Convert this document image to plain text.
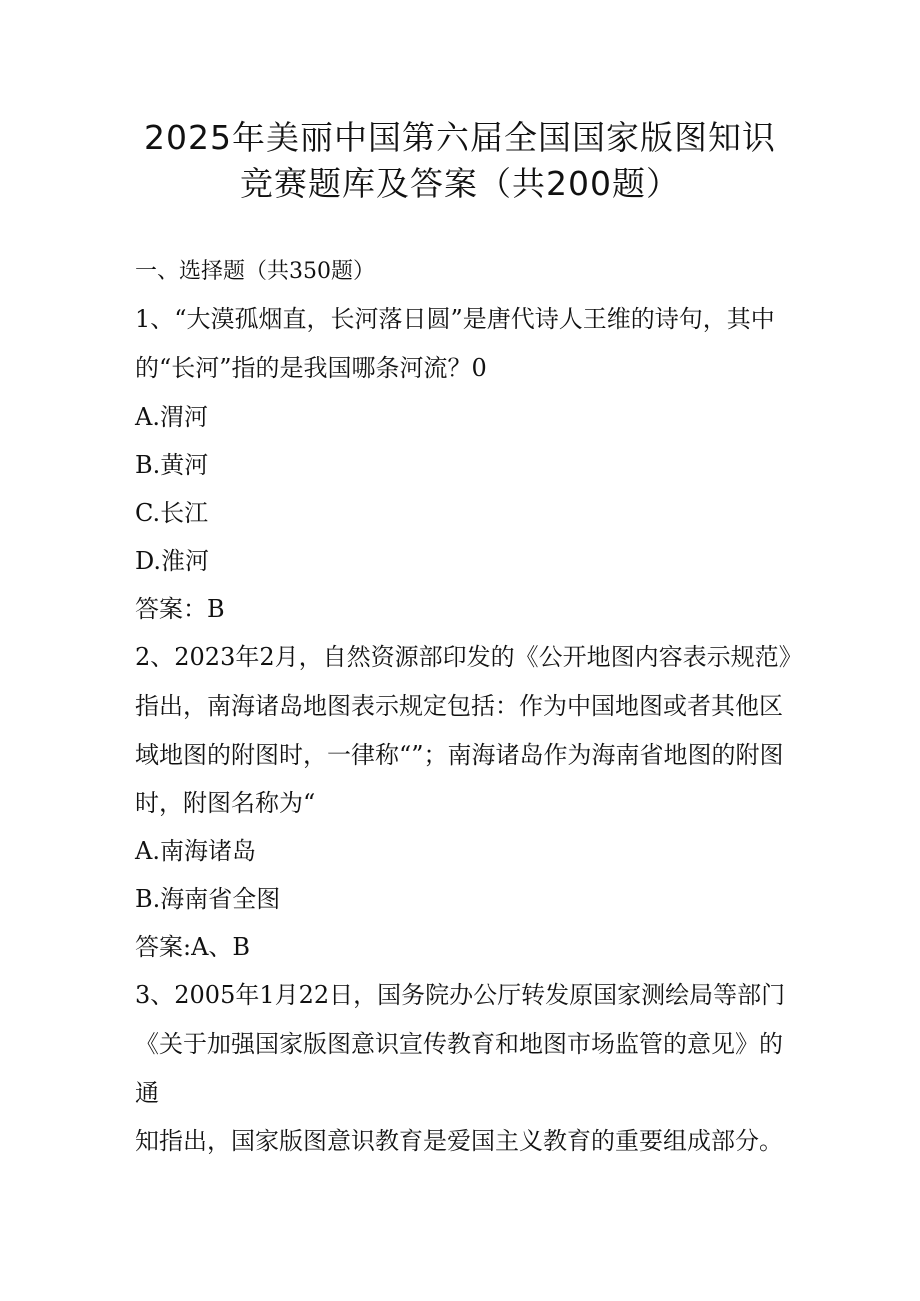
2025年美丽中国第六届全国国家版图知识
竞赛题库及答案（共200题）
一、选择题（共350题）
1、“大漠孤烟直，长河落日圆”是唐代诗人王维的诗句，其中
的“长河”指的是我国哪条河流？0
A.渭河
B.黄河
C.长江
D.淮河
答案：B
2、2023年2月，自然资源部印发的《公开地图内容表示规范》
指出，南海诸岛地图表示规定包括：作为中国地图或者其他区
域地图的附图时，一律称“”；南海诸岛作为海南省地图的附图
时，附图名称为“
A.南海诸岛
B.海南省全图
答案:A、B
3、2005年1月22日，国务院办公厅转发原国家测绘局等部门
《关于加强国家版图意识宣传教育和地图市场监管的意见》的
通
知指出，国家版图意识教育是爱国主义教育的重要组成部分。
